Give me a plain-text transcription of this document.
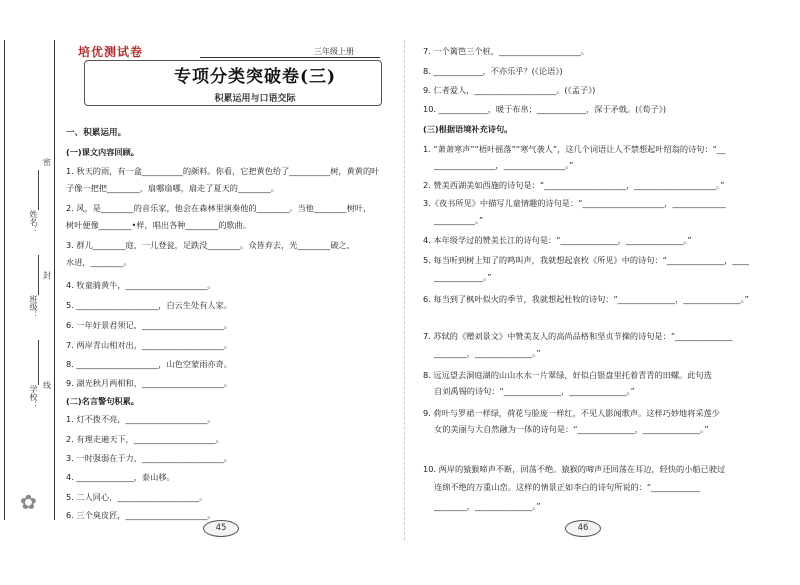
姓名：
班级：
学校：
密
封
线
✿
培优测试卷	三年级上册
专项分类突破卷(三)
积累运用与口语交际
一、积累运用。
(一)课文内容回顾。
1. 秋天的雨，有一盒__________的颜料。你看，它把黄色给了__________树，黄黄的叶
子像一把把________，扇哪扇哪，扇走了夏天的________。
2. 风，是________的音乐家，他会在森林里演奏他的________。当他________树叶，
树叶便像________•样，唱出各种________的歌曲。
3. 群儿________庭，一儿登瓮，足跌没________。众皆弃去，光________破之，
水进，________。
4. 牧童骑黄牛，____________________。
5. ____________________，白云生处有人家。
6. 一年好景君须记，____________________。
7. 两岸青山相对出，____________________。
8. ____________________，山色空蒙雨亦奇。
9. 湖光秋月两相和，____________________。
(二)名言警句积累。
1. 灯不拨不亮，____________________。
2. 有理走遍天下，____________________。
3. 一时强弱在于力，____________________。
4. ______________，泰山移。
5. 二人同心，____________________。
6. 三个臭皮匠，____________________。
45
7. 一个篱笆三个桩，____________________。
8. ____________，不亦乐乎？(《论语》)
9. 仁者爱人，____________________。(《孟子》)
10. ____________，暖于布帛；____________，深于矛戟。(《荀子》)
(三)根据语境补充诗句。
1. “萧萧寒声”“梧叶摇落”“寒气袭人”，这几个词语让人不禁想起叶绍翁的诗句：“__
_______________，_______________。”
2. 赞美西湖美如西施的诗句是：“____________________，____________________。”
3.《夜书所见》中描写儿童情趣的诗句是：“____________________，_____________
__________。”
4. 本年级学过的赞美长江的诗句是：“______________，______________。”
5. 每当听到树上知了的鸣叫声，我就想起袁枚《所见》中的诗句：“______________，____
____________。”
6. 每当到了枫叶似火的季节，我就想起杜牧的诗句：“______________，______________。”
7. 苏轼的《赠刘景文》中赞美友人的高尚品格和坚贞节操的诗句是：“______________
________，______________。”
8. 远远望去洞庭湖的山山水水一片翠绿，好似白银盘里托着青青的田螺。此句选
自刘禹锡的诗句：“______________，______________。”
9. 荷叶与罗裙一样绿，荷花与脸庞一样红，不见人影闻歌声。这样巧妙地将采莲少
女的美丽与大自然融为一体的诗句是：“______________，______________。”
10. 两岸的猿猴啼声不断，回荡不绝。猿猴的啼声还回荡在耳边，轻快的小船已驶过
连绵不绝的万重山峦。这样的情景正如李白的诗句所说的：“____________
________，______________。”
46
